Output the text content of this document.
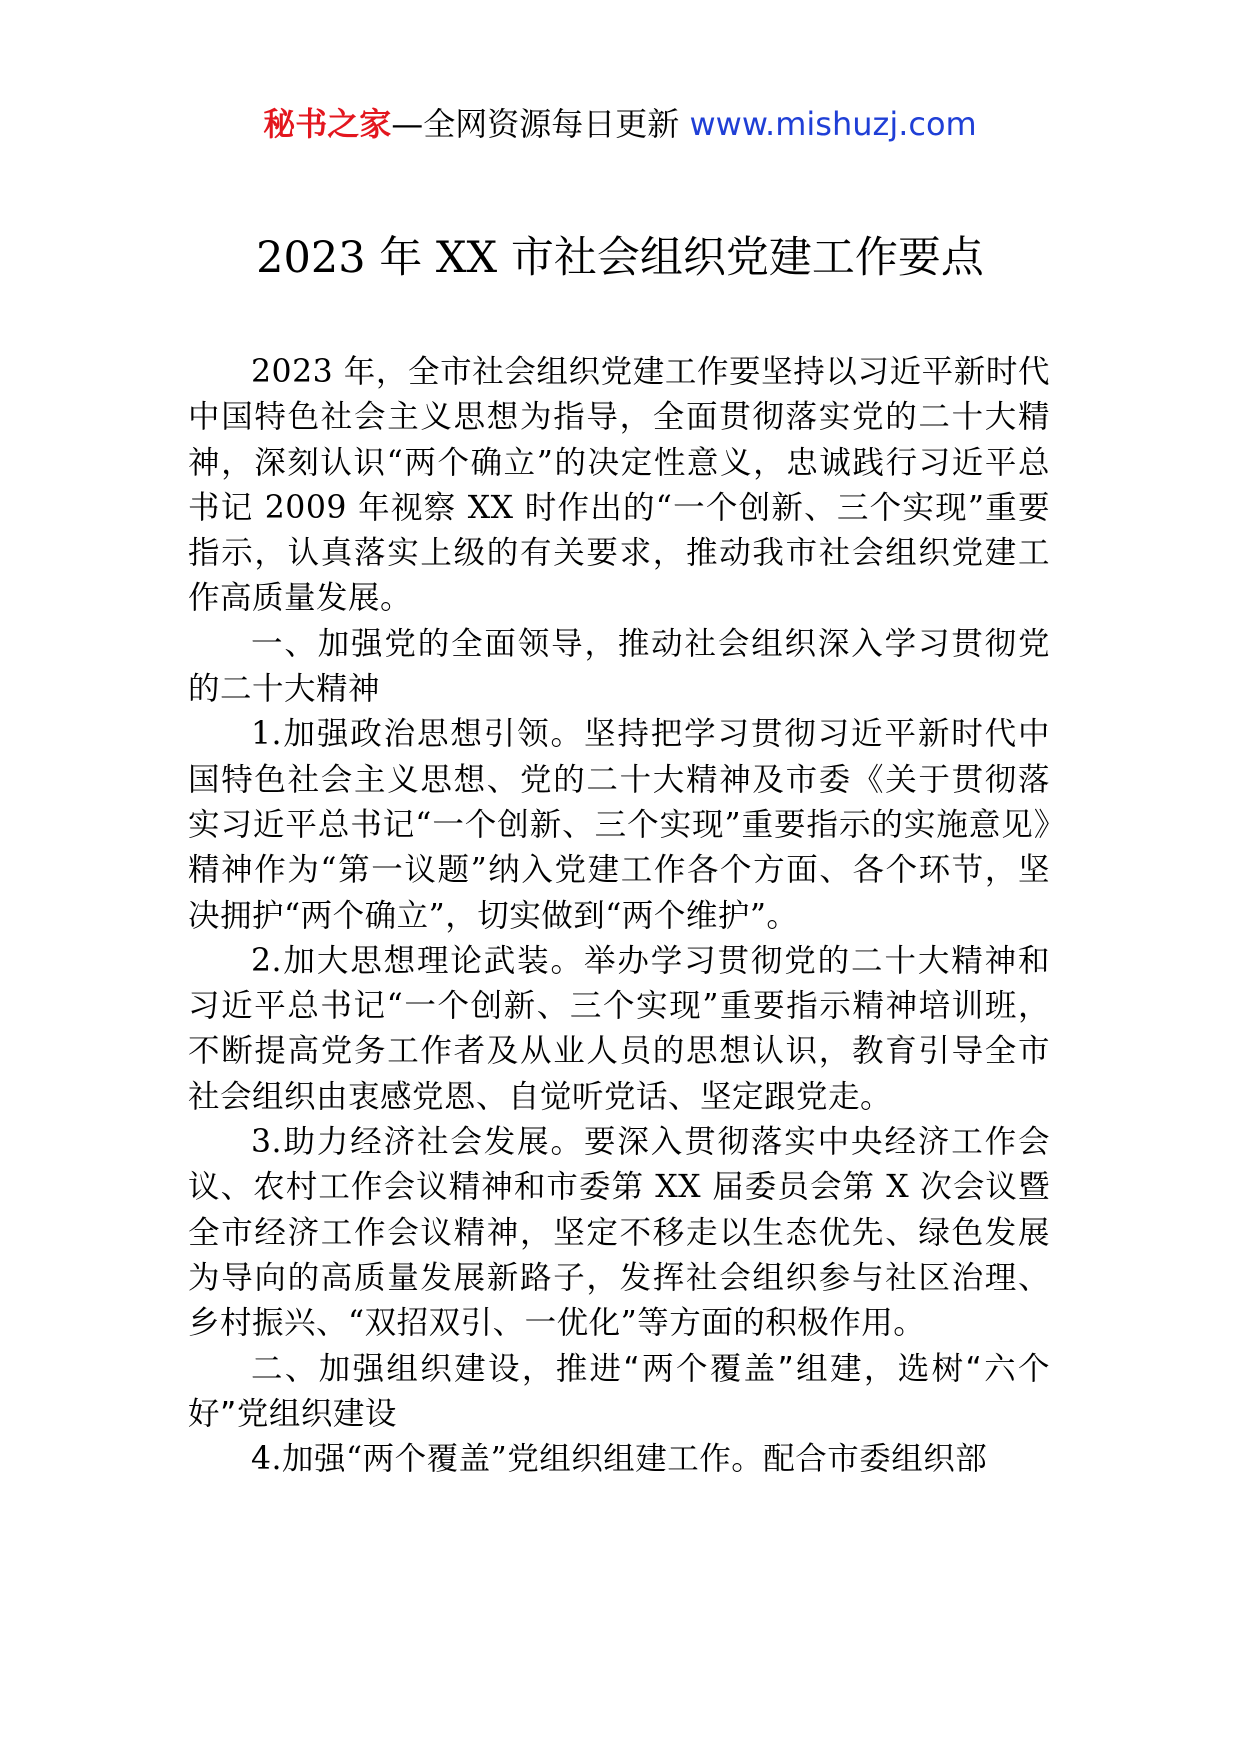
秘书之家—全网资源每日更新 www.mishuzj.com
2023 年 XX 市社会组织党建工作要点

2023 年，全市社会组织党建工作要坚持以习近平新时代中国特色社会主义思想为指导，全面贯彻落实党的二十大精神，深刻认识“两个确立”的决定性意义，忠诚践行习近平总书记 2009 年视察 XX 时作出的“一个创新、三个实现”重要指示，认真落实上级的有关要求，推动我市社会组织党建工作高质量发展。

一、加强党的全面领导，推动社会组织深入学习贯彻党的二十大精神

1.加强政治思想引领。坚持把学习贯彻习近平新时代中国特色社会主义思想、党的二十大精神及市委《关于贯彻落实习近平总书记“一个创新、三个实现”重要指示的实施意见》精神作为“第一议题”纳入党建工作各个方面、各个环节，坚决拥护“两个确立”，切实做到“两个维护”。

2.加大思想理论武装。举办学习贯彻党的二十大精神和习近平总书记“一个创新、三个实现”重要指示精神培训班，不断提高党务工作者及从业人员的思想认识，教育引导全市社会组织由衷感党恩、自觉听党话、坚定跟党走。

3.助力经济社会发展。要深入贯彻落实中央经济工作会议、农村工作会议精神和市委第 XX 届委员会第 X 次会议暨全市经济工作会议精神，坚定不移走以生态优先、绿色发展为导向的高质量发展新路子，发挥社会组织参与社区治理、乡村振兴、“双招双引、一优化”等方面的积极作用。

二、加强组织建设，推进“两个覆盖”组建，选树“六个好”党组织建设

4.加强“两个覆盖”党组织组建工作。配合市委组织部
